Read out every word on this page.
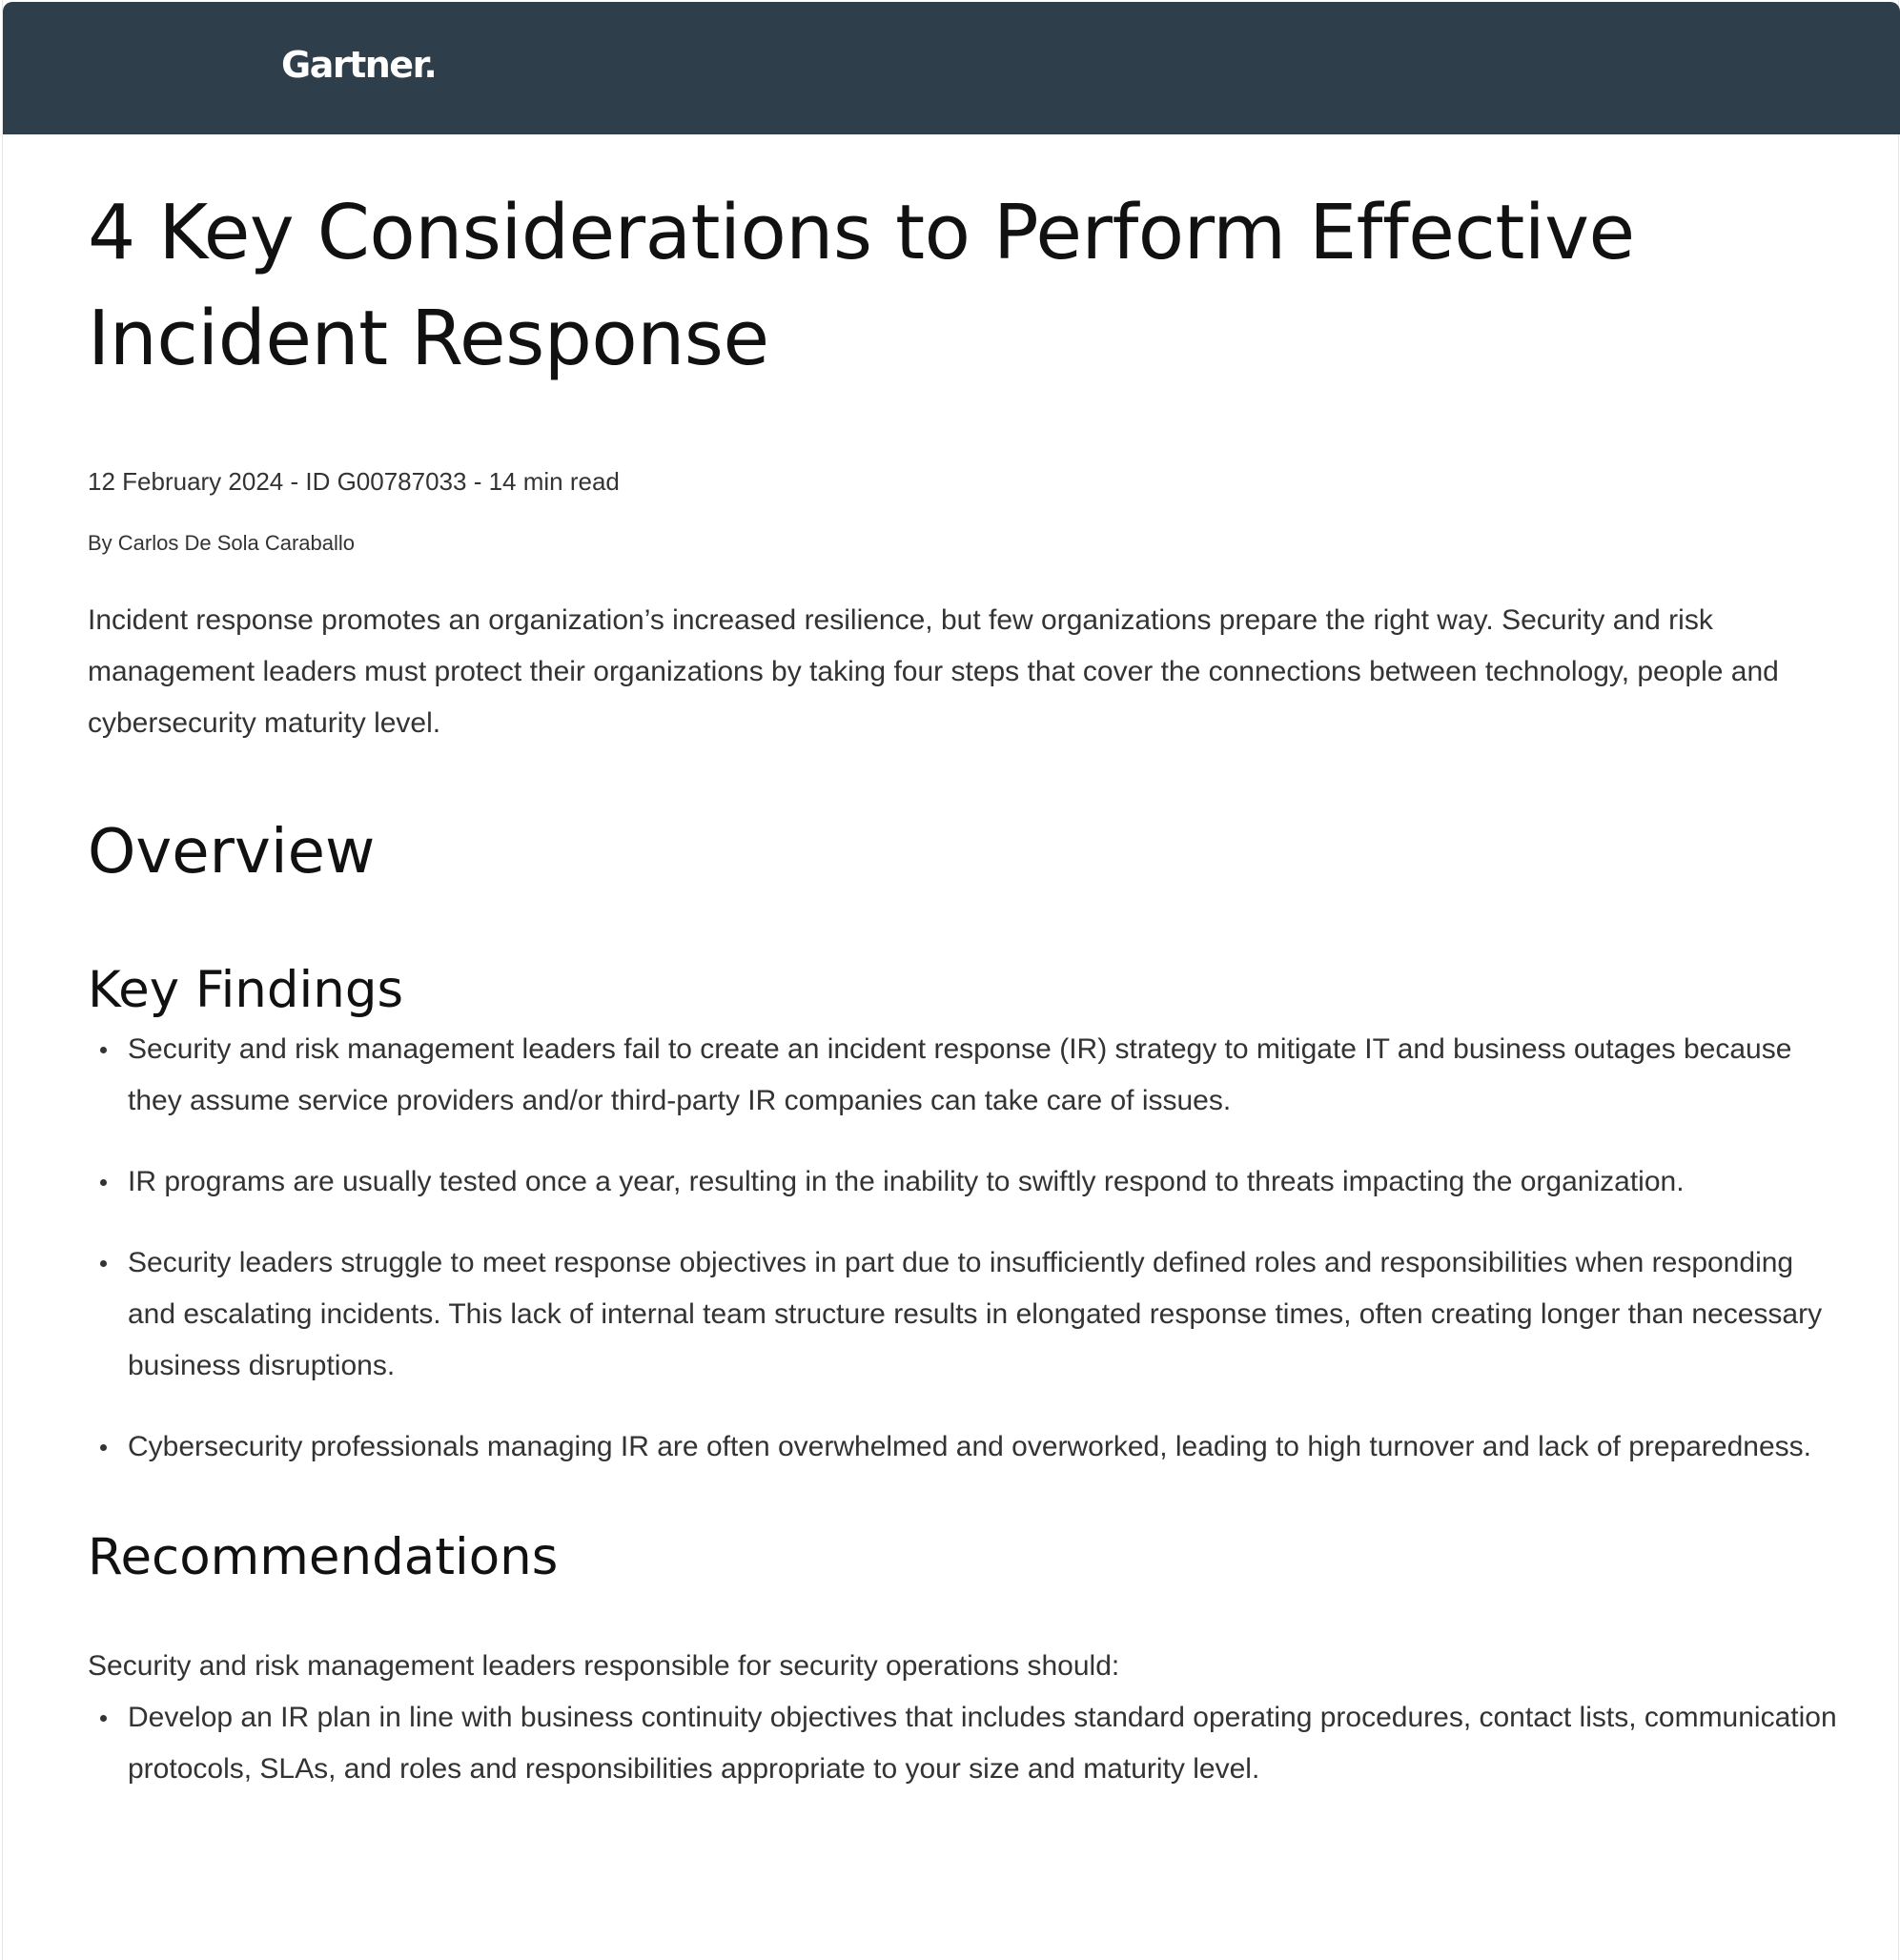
Gartner.
4 Key Considerations to Perform Effective Incident Response
12 February 2024 - ID G00787033 - 14 min read
By Carlos De Sola Caraballo

Incident response promotes an organization’s increased resilience, but few organizations prepare the right way. Security and risk management leaders must protect their organizations by taking four steps that cover the connections between technology, people and cybersecurity maturity level.

Overview
Key Findings
Security and risk management leaders fail to create an incident response (IR) strategy to mitigate IT and business outages because they assume service providers and/or third-party IR companies can take care of issues.
IR programs are usually tested once a year, resulting in the inability to swiftly respond to threats impacting the organization.
Security leaders struggle to meet response objectives in part due to insufficiently defined roles and responsibilities when responding and escalating incidents. This lack of internal team structure results in elongated response times, often creating longer than necessary business disruptions.
Cybersecurity professionals managing IR are often overwhelmed and overworked, leading to high turnover and lack of preparedness.
Recommendations

Security and risk management leaders responsible for security operations should:

Develop an IR plan in line with business continuity objectives that includes standard operating procedures, contact lists, communication protocols, SLAs, and roles and responsibilities appropriate to your size and maturity level.
